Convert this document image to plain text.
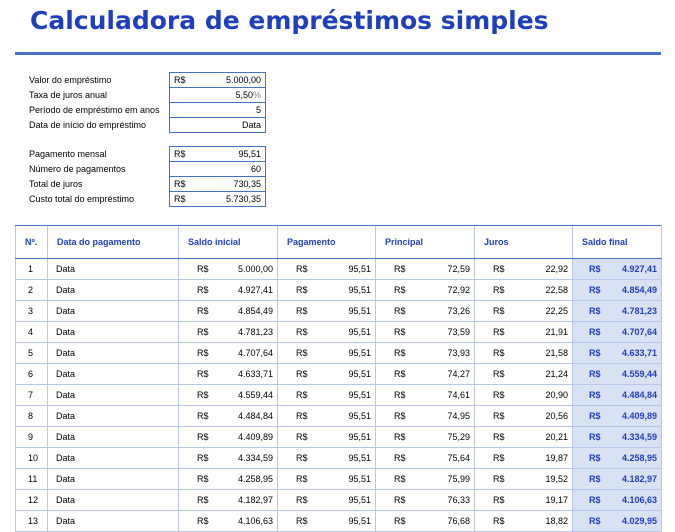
Calculadora de empréstimos simples
Valor do empréstimo	R$	5.000,00
Taxa de juros anual	5,50%
Período de empréstimo em anos	5
Data de início do empréstimo	Data
Pagamento mensal	R$	95,51
Número de pagamentos	60
Total de juros	R$	730,35
Custo total do empréstimo	R$	5.730,35
Nº.	Data do pagamento	Saldo inicial	Pagamento	Principal	Juros	Saldo final
1	Data	R$ 5.000,00	R$ 95,51	R$ 72,59	R$ 22,92	R$ 4.927,41

2	Data	R$ 4.927,41	R$ 95,51	R$ 72,92	R$ 22,58	R$ 4.854,49

3	Data	R$ 4.854,49	R$ 95,51	R$ 73,26	R$ 22,25	R$ 4.781,23

4	Data	R$ 4.781,23	R$ 95,51	R$ 73,59	R$ 21,91	R$ 4.707,64

5	Data	R$ 4.707,64	R$ 95,51	R$ 73,93	R$ 21,58	R$ 4.633,71

6	Data	R$ 4.633,71	R$ 95,51	R$ 74,27	R$ 21,24	R$ 4.559,44

7	Data	R$ 4.559,44	R$ 95,51	R$ 74,61	R$ 20,90	R$ 4.484,84

8	Data	R$ 4.484,84	R$ 95,51	R$ 74,95	R$ 20,56	R$ 4.409,89

9	Data	R$ 4.409,89	R$ 95,51	R$ 75,29	R$ 20,21	R$ 4.334,59

10	Data	R$ 4.334,59	R$ 95,51	R$ 75,64	R$ 19,87	R$ 4.258,95

11	Data	R$ 4.258,95	R$ 95,51	R$ 75,99	R$ 19,52	R$ 4.182,97

12	Data	R$ 4.182,97	R$ 95,51	R$ 76,33	R$ 19,17	R$ 4.106,63

13	Data	R$ 4.106,63	R$ 95,51	R$ 76,68	R$ 18,82	R$ 4.029,95
